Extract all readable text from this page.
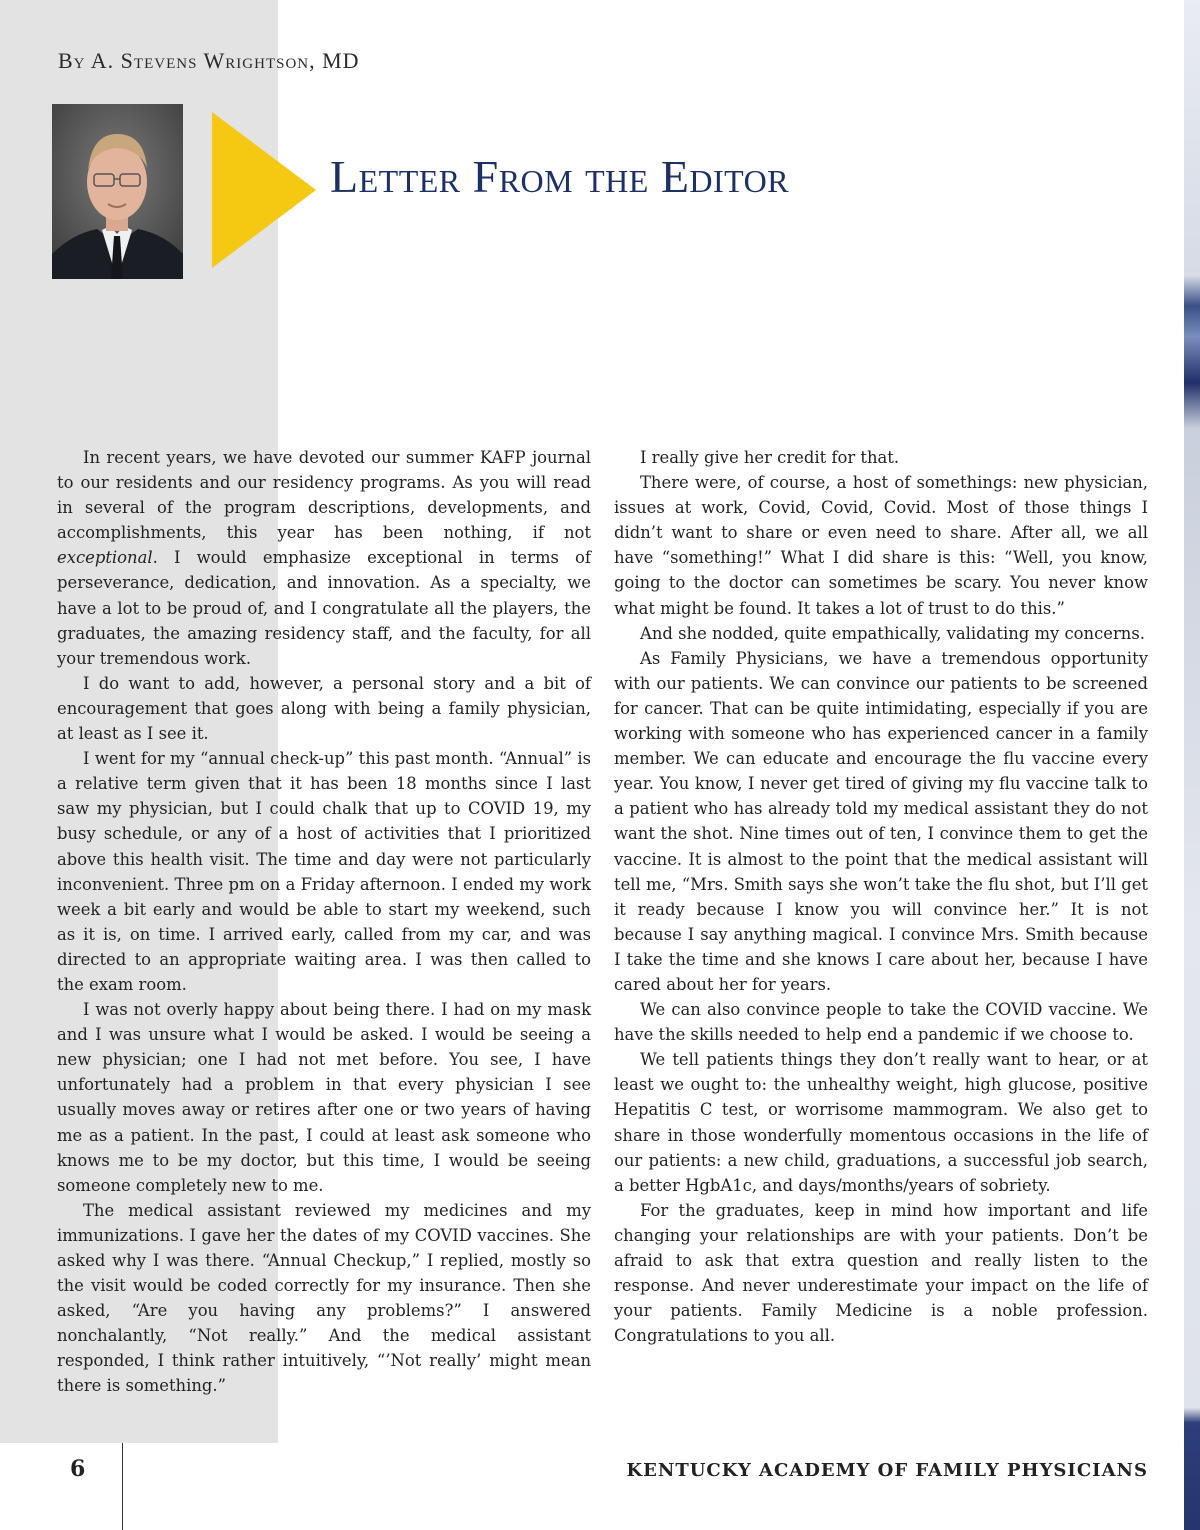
By A. Stevens Wrightson, MD

Letter From the Editor

In recent years, we have devoted our summer KAFP journal to our residents and our residency programs. As you will read in several of the program descriptions, developments, and accomplishments, this year has been nothing, if not exceptional. I would emphasize exceptional in terms of perseverance, dedication, and innovation. As a specialty, we have a lot to be proud of, and I congratulate all the players, the graduates, the amazing residency staff, and the faculty, for all your tremendous work.

I do want to add, however, a personal story and a bit of encouragement that goes along with being a family physician, at least as I see it.

I went for my “annual check-up” this past month. “Annual” is a relative term given that it has been 18 months since I last saw my physician, but I could chalk that up to COVID 19, my busy schedule, or any of a host of activities that I prioritized above this health visit. The time and day were not particularly inconvenient. Three pm on a Friday afternoon. I ended my work week a bit early and would be able to start my weekend, such as it is, on time. I arrived early, called from my car, and was directed to an appropriate waiting area. I was then called to the exam room.

I was not overly happy about being there. I had on my mask and I was unsure what I would be asked. I would be seeing a new physician; one I had not met before. You see, I have unfortunately had a problem in that every physician I see usually moves away or retires after one or two years of having me as a patient. In the past, I could at least ask someone who knows me to be my doctor, but this time, I would be seeing someone completely new to me.

The medical assistant reviewed my medicines and my immunizations. I gave her the dates of my COVID vaccines. She asked why I was there. “Annual Checkup,” I replied, mostly so the visit would be coded correctly for my insurance. Then she asked, “Are you having any problems?” I answered nonchalantly, “Not really.” And the medical assistant responded, I think rather intuitively, “’Not really’ might mean there is something.”

I really give her credit for that.

There were, of course, a host of somethings: new physician, issues at work, Covid, Covid, Covid. Most of those things I didn’t want to share or even need to share. After all, we all have “something!” What I did share is this: “Well, you know, going to the doctor can sometimes be scary. You never know what might be found. It takes a lot of trust to do this.”

And she nodded, quite empathically, validating my concerns.

As Family Physicians, we have a tremendous opportunity with our patients. We can convince our patients to be screened for cancer. That can be quite intimidating, especially if you are working with someone who has experienced cancer in a family member. We can educate and encourage the flu vaccine every year. You know, I never get tired of giving my flu vaccine talk to a patient who has already told my medical assistant they do not want the shot. Nine times out of ten, I convince them to get the vaccine. It is almost to the point that the medical assistant will tell me, “Mrs. Smith says she won’t take the flu shot, but I’ll get it ready because I know you will convince her.” It is not because I say anything magical. I convince Mrs. Smith because I take the time and she knows I care about her, because I have cared about her for years.

We can also convince people to take the COVID vaccine. We have the skills needed to help end a pandemic if we choose to.

We tell patients things they don’t really want to hear, or at least we ought to: the unhealthy weight, high glucose, positive Hepatitis C test, or worrisome mammogram. We also get to share in those wonderfully momentous occasions in the life of our patients: a new child, graduations, a successful job search, a better HgbA1c, and days/months/years of sobriety.

For the graduates, keep in mind how important and life changing your relationships are with your patients. Don’t be afraid to ask that extra question and really listen to the response. And never underestimate your impact on the life of your patients. Family Medicine is a noble profession. Congratulations to you all.

6	KENTUCKY ACADEMY OF FAMILY PHYSICIANS
